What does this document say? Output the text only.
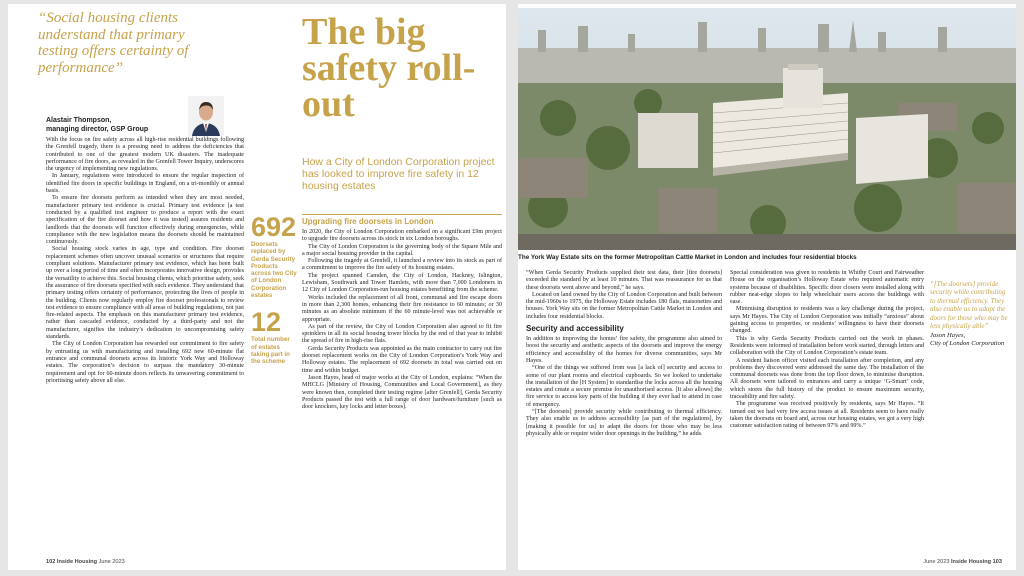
“Social housing clients understand that primary testing offers certainty of performance”
Alastair Thompson,
managing director, GSP Group

With the focus on fire safety across all high-rise residential buildings following the Grenfell tragedy, there is a pressing need to address the deficiencies that contributed to one of the greatest modern UK disasters. The inadequate performance of fire doors, as revealed in the Grenfell Tower Inquiry, underscores the urgency of implementing new regulations.

In January, regulations were introduced to ensure the regular inspection of identified fire doors in specific buildings in England, on a tri-monthly or annual basis.

To ensure fire doorsets perform as intended when they are most needed, manufacturer primary test evidence is crucial. Primary test evidence [a test conducted by a qualified test engineer to produce a report with the exact specification of the fire doorset and how it was tested] assures residents and landlords that the doorsets will function effectively during emergencies, while compliance with the new legislation means the doorsets should be maintained continuously.

Social housing stock varies in age, type and condition. Fire doorset replacement schemes often uncover unusual scenarios or structures that require compliant solutions. Manufacturer primary test evidence, which has been built up over a long period of time and often incorporates innovative design, provides the versatility to achieve this. Social housing clients, which prioritise safety, seek the assurance of fire doorsets specified with such evidence. They understand that primary testing offers certainty of performance, protecting the lives of people in the building. Clients now regularly employ fire doorset professionals to review test evidence to ensure compliance with all areas of building regulations, not just fire-related aspects. The emphasis on this manufacturer primary test evidence, rather than cascaded evidence, conducted by a third-party and not the manufacturer, signifies the industry’s dedication to uncompromising safety standards.

The City of London Corporation has rewarded our commitment to fire safety by entrusting us with manufacturing and installing 692 new 60-minute flat entrance and communal doorsets across its historic York Way and Holloway estates. The corporation’s decision to surpass the mandatory 30-minute requirement and opt for 60-minute doors reflects its unwavering commitment to prioritising safety above all else.

The big safety roll-out
How a City of London Corporation project has looked to improve fire safety in 12 housing estates
692
Doorsets replaced by Gerda Security Products across two City of London Corporation estates
12
Total number of estates taking part in the scheme
Upgrading fire doorsets in London

In 2020, the City of London Corporation embarked on a significant £9m project to upgrade fire doorsets across its stock in six London boroughs.

The City of London Corporation is the governing body of the Square Mile and a major social housing provider in the capital.

Following the tragedy at Grenfell, it launched a review into its stock as part of a commitment to improve the fire safety of its housing estates.

The project spanned Camden, the City of London, Hackney, Islington, Lewisham, Southwark and Tower Hamlets, with more than 7,000 Londoners in 12 City of London Corporation-run housing estates benefitting from the scheme.

Works included the replacement of all front, communal and fire escape doors in more than 2,300 homes, enhancing their fire resistance to 60 minutes; or 30 minutes as an absolute minimum if the 60 minute-level was not achievable or appropriate.

As part of the review, the City of London Corporation also agreed to fit fire sprinklers in all its social housing tower blocks by the end of that year to inhibit the spread of fire in high-rise flats.

Gerda Security Products was appointed as the main contractor to carry out fire doorset replacement works on the City of London Corporation’s York Way and Holloway estates. The replacement of 692 doorsets in total was carried out on time and within budget.

Jason Hayes, head of major works at the City of London, explains: “When the MHCLG [Ministry of Housing, Communities and Local Government], as they were known then, completed their testing regime [after Grenfell], Gerda Security Products passed the test with a full range of door hardware/furniture [such as door knockers, key locks and letter boxes].

102 Inside Housing June 2023
The York Way Estate sits on the former Metropolitan Cattle Market in London and includes four residential blocks

“When Gerda Security Products supplied their test data, their [fire doorsets] exceeded the standard by at least 10 minutes. That was reassurance for us that these doorsets went above and beyond,” he says.

Located on land owned by the City of London Corporation and built between the mid-1960s to 1975, the Holloway Estate includes 180 flats, maisonettes and houses. York Way sits on the former Metropolitan Cattle Market in London and includes four residential blocks.

Security and accessibility

In addition to improving the homes’ fire safety, the programme also aimed to boost the security and aesthetic aspects of the doorsets and improve the energy efficiency and accessibility of the homes for diverse communities, says Mr Hayes.

“One of the things we suffered from was [a lack of] security and access to some of our plant rooms and electrical cupboards. So we looked to undertake the installation of the [H System] to standardise the locks across all the housing estates and create a secure premise for unauthorised access. [It also allows] the fire service to access key parts of the building if they ever had to attend in case of emergency.

“[The doorsets] provide security while contributing to thermal efficiency. They also enable us to address accessibility [as part of the regulations], by [making it possible for us] to adapt the doors for those who may be less physically able or require wider door openings in the building,” he adds.

Special consideration was given to residents in Whitby Court and Fairweather House on the organisation’s Holloway Estate who required automatic entry systems because of disabilities. Specific door closers were installed along with rubber neat-edge slopes to help wheelchair users access the buildings with ease.

Minimising disruption to residents was a key challenge during the project, says Mr Hayes. The City of London Corporation was initially “anxious” about gaining access to properties, or residents’ willingness to have their doorsets changed.

This is why Gerda Security Products carried out the work in phases. Residents were informed of installation before work started, through letters and collaboration with the City of London Corporation’s estate team.

A resident liaison officer visited each installation after completion, and any problems they discovered were addressed the same day. The installation of the communal doorsets was done from the top floor down, to minimise disruption. All doorsets were tailored to entrances and carry a unique ‘G-Smart’ code, which stores the full history of the product to ensure maximum security, traceability and fire safety.

The programme was received positively by residents, says Mr Hayes. “It turned out we had very few access issues at all. Residents seem to have really taken the doorsets on board and, across our housing estates, we got a very high customer satisfaction rating of between 97% and 99%.”

“[The doorsets] provide security while contributing to thermal efficiency. They also enable us to adapt the doors for those who may be less physically able”
Jason Hayes,
City of London Corporation
June 2023 Inside Housing 103
